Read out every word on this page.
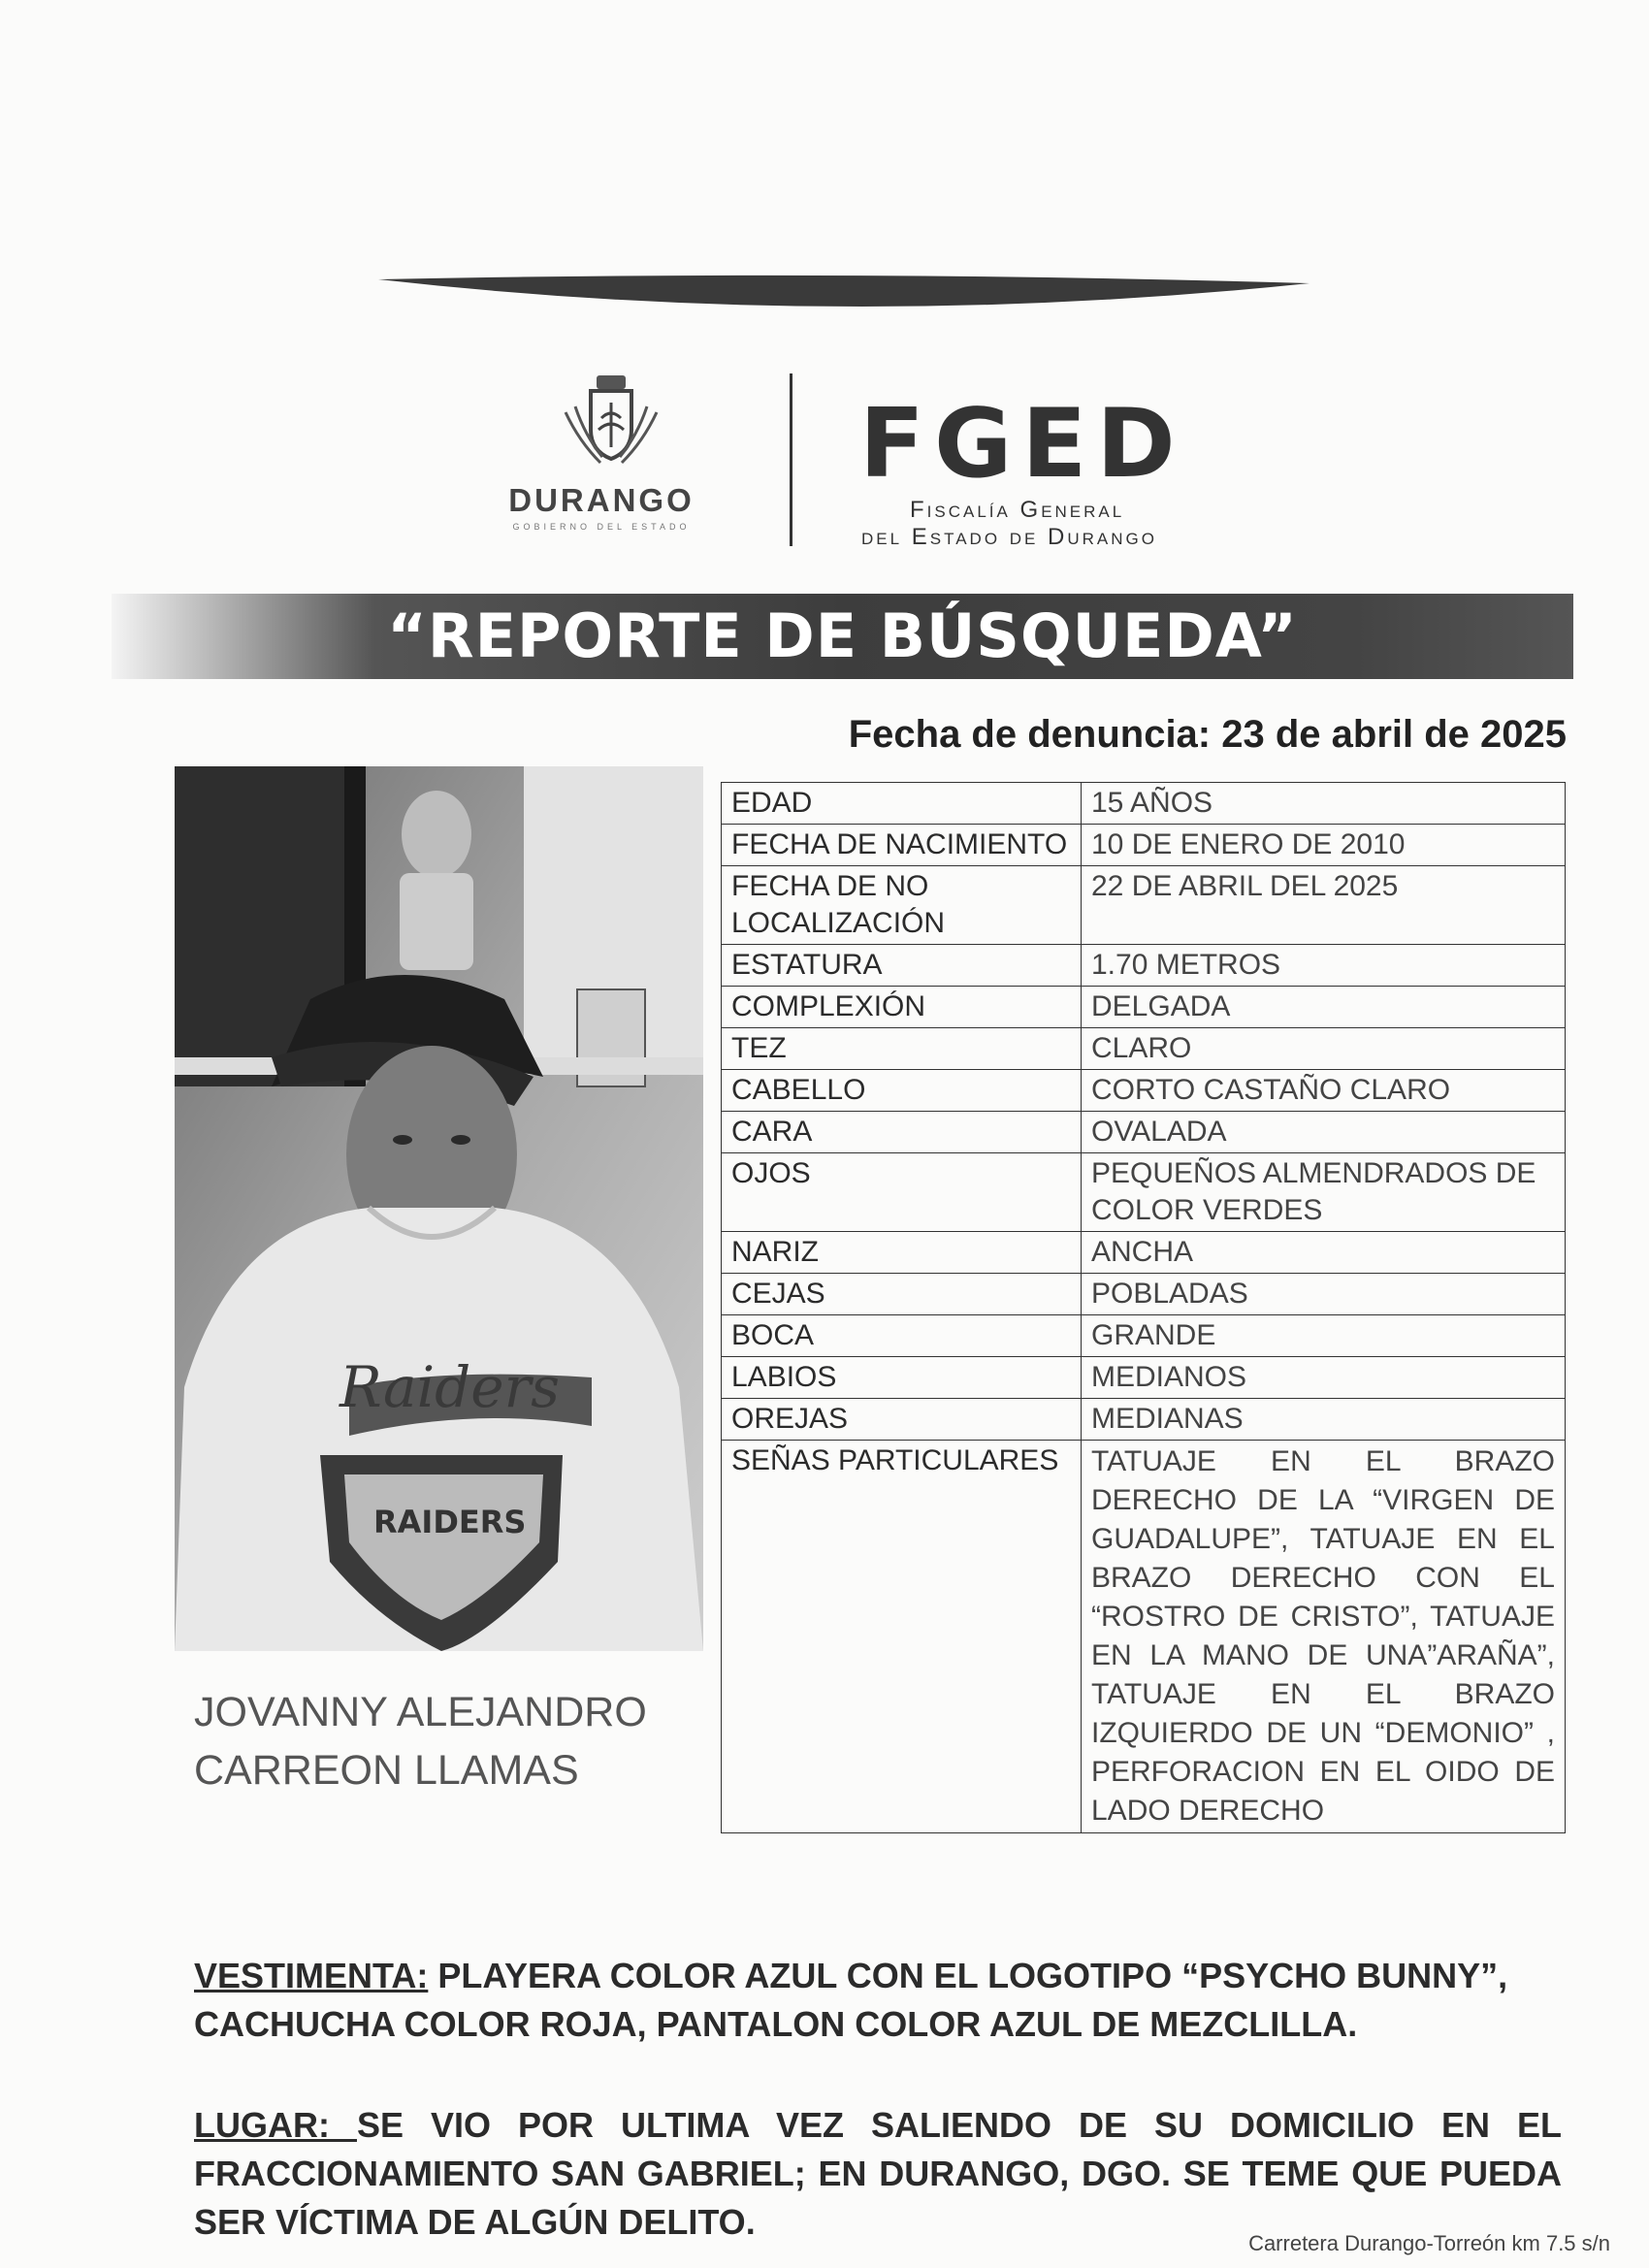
DURANGO
GOBIERNO DEL ESTADO
FGED
Fiscalía General
del Estado de Durango
“REPORTE DE BÚSQUEDA”
Fecha de denuncia: 23 de abril de 2025
Raiders
RAIDERS
JOVANNY ALEJANDRO
CARREON LLAMAS
EDAD	15 AÑOS
FECHA DE NACIMIENTO	10 DE ENERO DE 2010
FECHA DE NO LOCALIZACIÓN	22 DE ABRIL DEL 2025
ESTATURA	1.70 METROS
COMPLEXIÓN	DELGADA
TEZ	CLARO
CABELLO	CORTO CASTAÑO CLARO
CARA	OVALADA
OJOS	PEQUEÑOS ALMENDRADOS DE COLOR VERDES
NARIZ	ANCHA
CEJAS	POBLADAS
BOCA	GRANDE
LABIOS	MEDIANOS
OREJAS	MEDIANAS
SEÑAS PARTICULARES	TATUAJE EN EL BRAZO DERECHO DE LA “VIRGEN DE GUADALUPE”, TATUAJE EN EL BRAZO DERECHO CON EL “ROSTRO DE CRISTO”, TATUAJE EN LA MANO DE UNA”ARAÑA”, TATUAJE EN EL BRAZO IZQUIERDO DE UN “DEMONIO” , PERFORACION EN EL OIDO DE LADO DERECHO
VESTIMENTA: PLAYERA COLOR AZUL CON EL LOGOTIPO “PSYCHO BUNNY”, CACHUCHA COLOR ROJA, PANTALON COLOR AZUL DE MEZCLILLA.
LUGAR: SE VIO POR ULTIMA VEZ SALIENDO DE SU DOMICILIO EN EL FRACCIONAMIENTO SAN GABRIEL; EN DURANGO, DGO. SE TEME QUE PUEDA SER VÍCTIMA DE ALGÚN DELITO.
Carretera Durango-Torreón km 7.5 s/n
